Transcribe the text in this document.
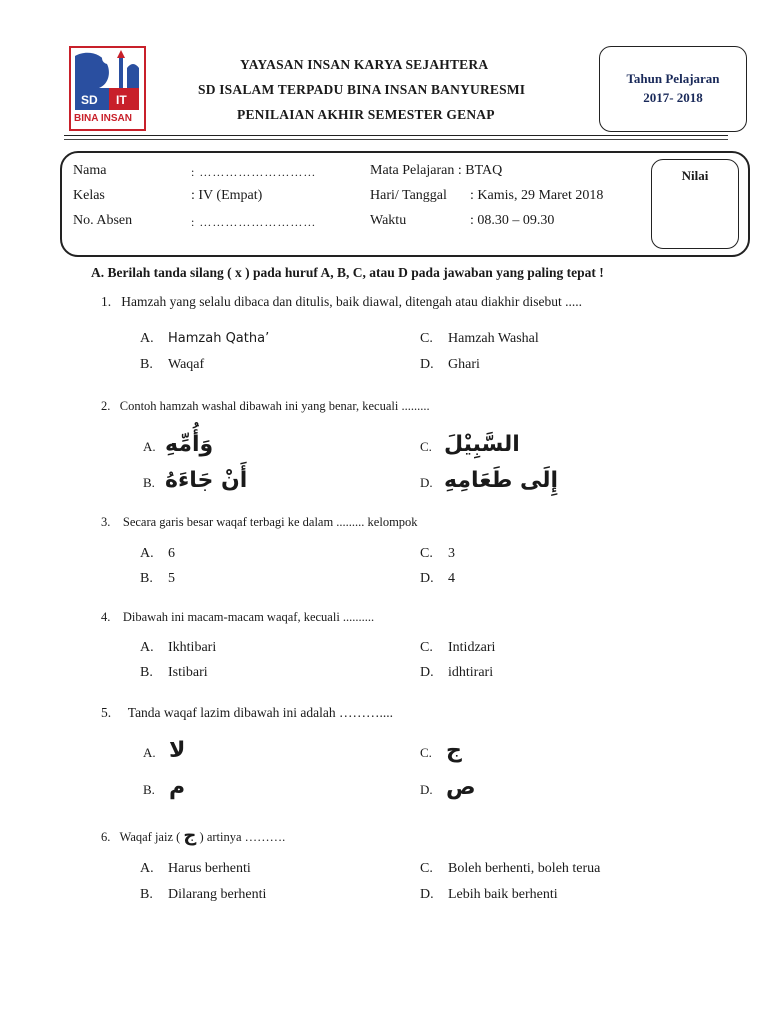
SD IT
BINA INSAN
YAYASAN INSAN KARYA SEJAHTERA
SD ISALAM TERPADU BINA INSAN BANYURESMI
PENILAIAN AKHIR SEMESTER GENAP
Tahun Pelajaran
2017- 2018
Nama	: ………………………
Kelas	: IV (Empat)
No. Absen	: ………………………
Mata Pelajaran : BTAQ
Hari/ Tanggal : Kamis, 29 Maret 2018
Waktu	: 08.30 – 09.30
Nilai
A. Berilah tanda silang ( x ) pada huruf A, B, C, atau D pada jawaban yang paling tepat !
1. Hamzah yang selalu dibaca dan ditulis, baik diawal, ditengah atau diakhir disebut .....
A. Hamzah Qatha’
B. Waqaf
C. Hamzah Washal
D. Ghari
2. Contoh hamzah washal dibawah ini yang benar, kecuali .........
A. وَأُمِّهِ
B. أَنْ جَاءَهُ
C. السَّبِيْلَ
D. إِلَى طَعَامِهِ
3. Secara garis besar waqaf terbagi ke dalam ......... kelompok
A. 6
B. 5
C. 3
D. 4
4. Dibawah ini macam-macam waqaf, kecuali ..........
A. Ikhtibari
B. Istibari
C. Intidzari
D. idhtirari
5. Tanda waqaf lazim dibawah ini adalah ………....
A. لا
B. م
C. ج
D. ص
6. Waqaf jaiz ( ج ) artinya ……….
A. Harus berhenti
B. Dilarang berhenti
C. Boleh berhenti, boleh terua
D. Lebih baik berhenti
